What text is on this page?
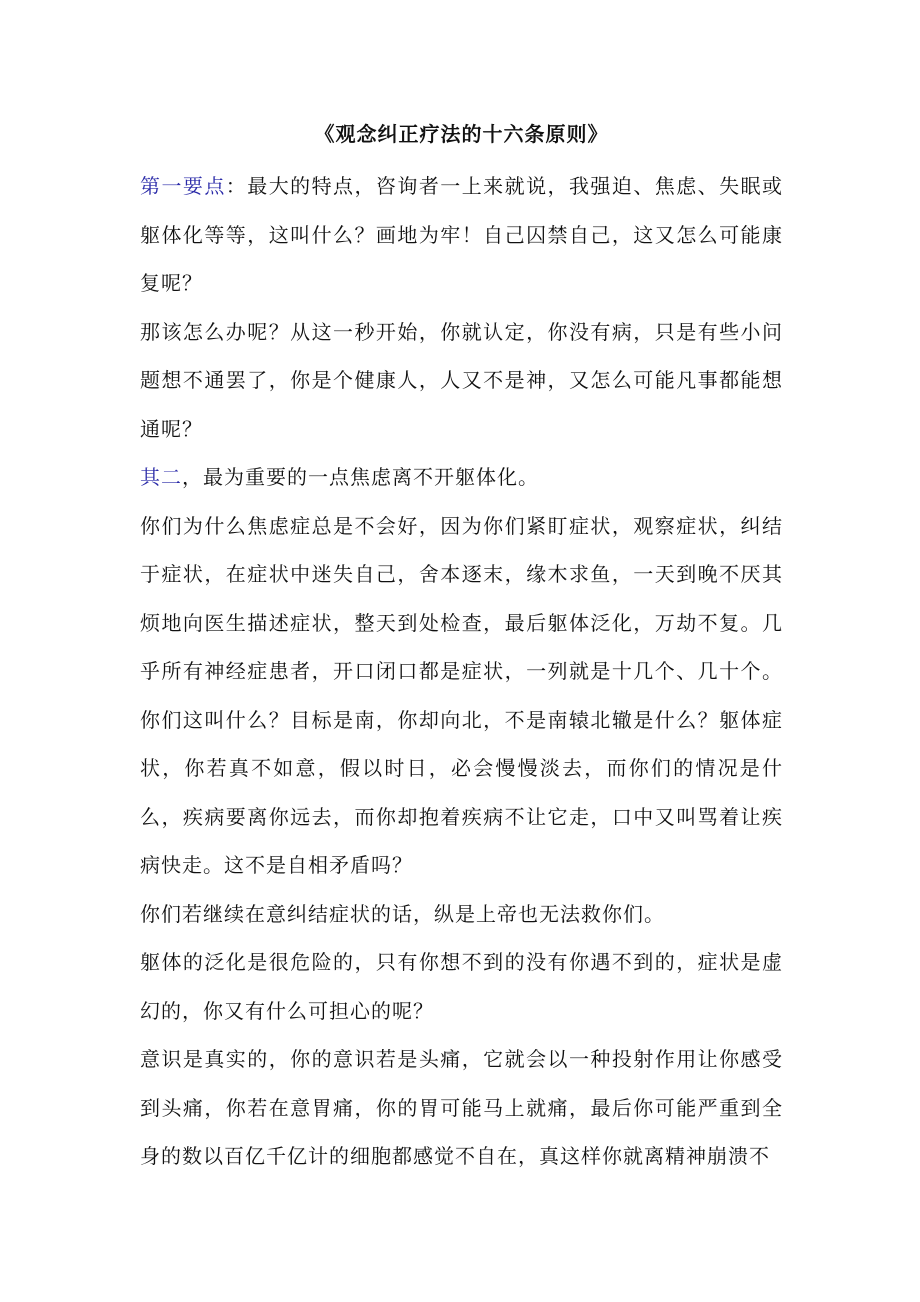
《观念纠正疗法的十六条原则》

第一要点：最大的特点，咨询者一上来就说，我强迫、焦虑、失眠或躯体化等等，这叫什么？画地为牢！自己囚禁自己，这又怎么可能康复呢？

那该怎么办呢？从这一秒开始，你就认定，你没有病，只是有些小问题想不通罢了，你是个健康人，人又不是神，又怎么可能凡事都能想通呢？

其二，最为重要的一点焦虑离不开躯体化。

你们为什么焦虑症总是不会好，因为你们紧盯症状，观察症状，纠结于症状，在症状中迷失自己，舍本逐末，缘木求鱼，一天到晚不厌其烦地向医生描述症状，整天到处检查，最后躯体泛化，万劫不复。几乎所有神经症患者，开口闭口都是症状，一列就是十几个、几十个。你们这叫什么？目标是南，你却向北，不是南辕北辙是什么？躯体症状，你若真不如意，假以时日，必会慢慢淡去，而你们的情况是什么，疾病要离你远去，而你却抱着疾病不让它走，口中又叫骂着让疾病快走。这不是自相矛盾吗？

你们若继续在意纠结症状的话，纵是上帝也无法救你们。

躯体的泛化是很危险的，只有你想不到的没有你遇不到的，症状是虚幻的，你又有什么可担心的呢？

意识是真实的，你的意识若是头痛，它就会以一种投射作用让你感受到头痛，你若在意胃痛，你的胃可能马上就痛，最后你可能严重到全身的数以百亿千亿计的细胞都感觉不自在，真这样你就离精神崩溃不
